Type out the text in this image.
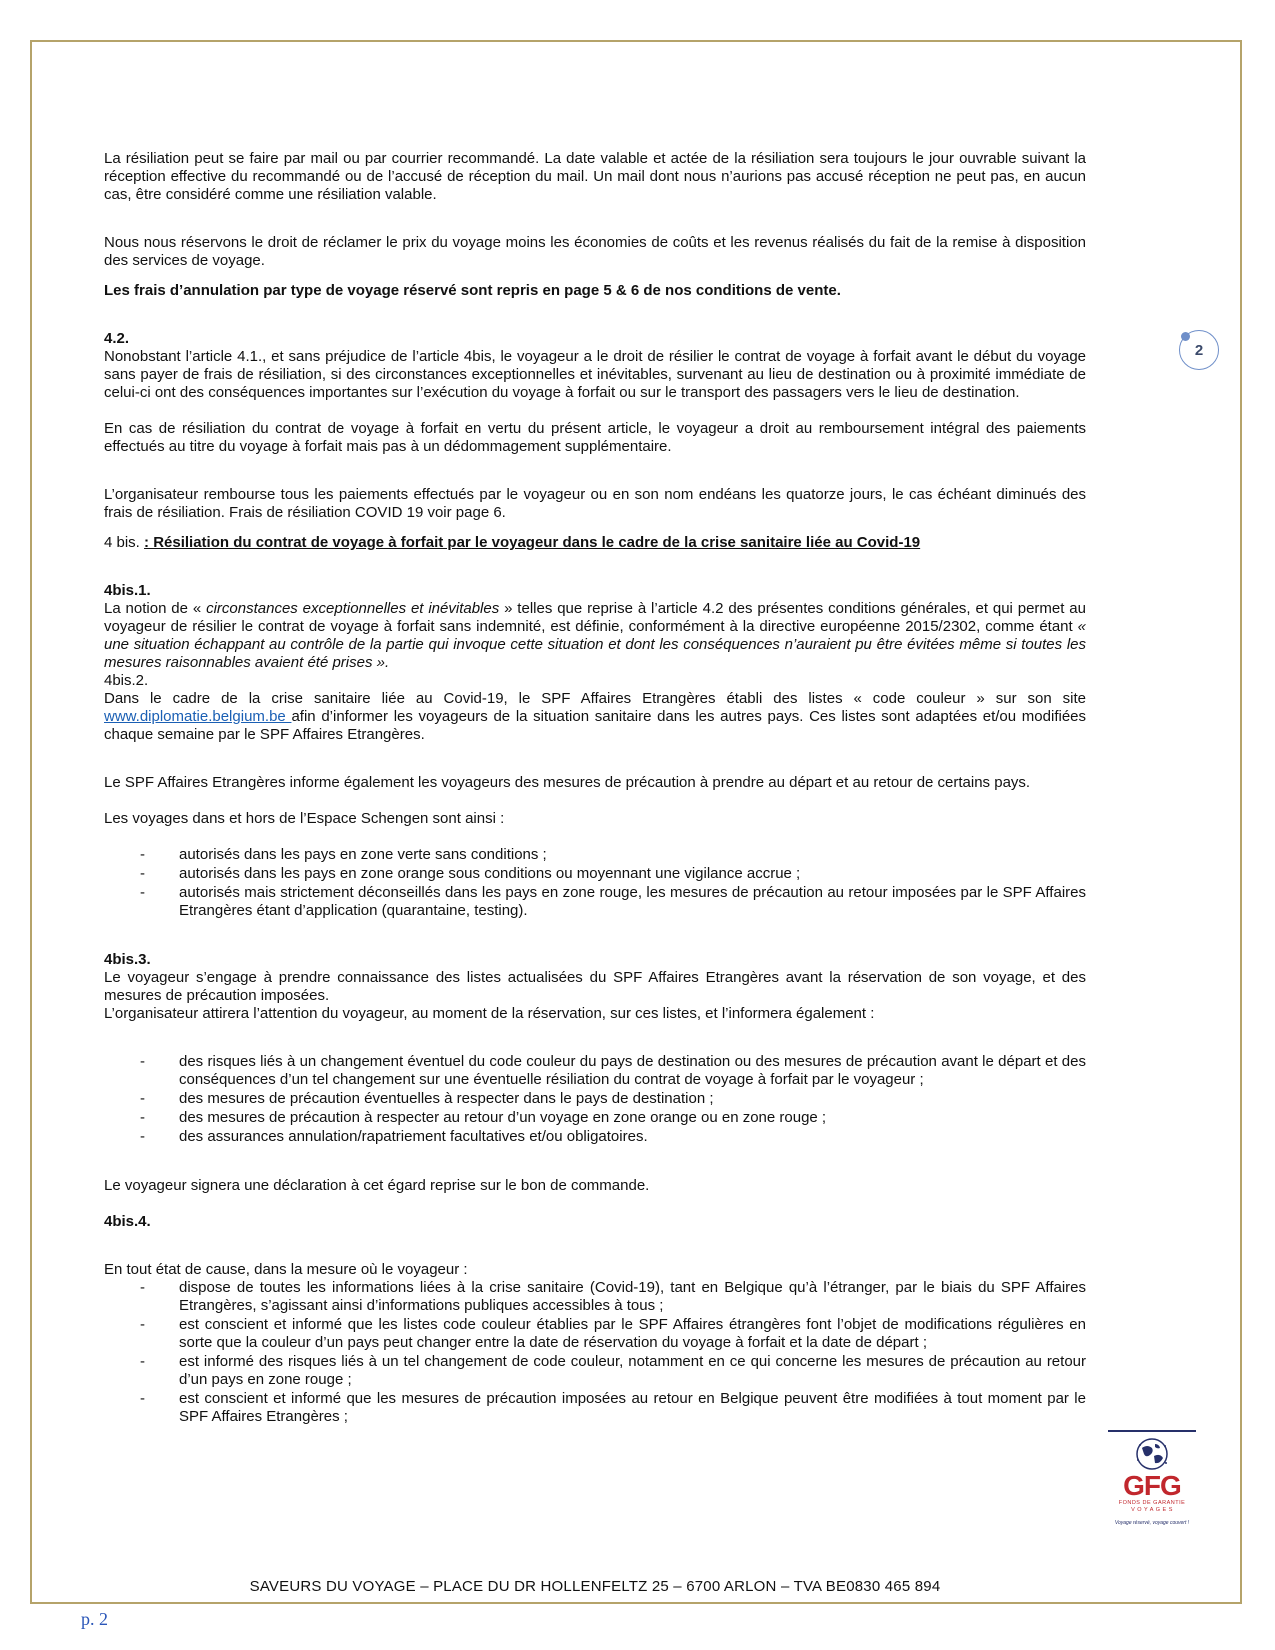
2

La résiliation peut se faire par mail ou par courrier recommandé. La date valable et actée de la résiliation sera toujours le jour ouvrable suivant la réception effective du recommandé ou de l’accusé de réception du mail. Un mail dont nous n’aurions pas accusé réception ne peut pas, en aucun cas, être considéré comme une résiliation valable.

Nous nous réservons le droit de réclamer le prix du voyage moins les économies de coûts et les revenus réalisés du fait de la remise à disposition des services de voyage.

Les frais d’annulation par type de voyage réservé sont repris en page 5 & 6 de nos conditions de vente.

4.2.

Nonobstant l’article 4.1., et sans préjudice de l’article 4bis, le voyageur a le droit de résilier le contrat de voyage à forfait avant le début du voyage sans payer de frais de résiliation, si des circonstances exceptionnelles et inévitables, survenant au lieu de destination ou à proximité immédiate de celui-ci ont des conséquences importantes sur l’exécution du voyage à forfait ou sur le transport des passagers vers le lieu de destination.

En cas de résiliation du contrat de voyage à forfait en vertu du présent article, le voyageur a droit au remboursement intégral des paiements effectués au titre du voyage à forfait mais pas à un dédommagement supplémentaire.

L’organisateur rembourse tous les paiements effectués par le voyageur ou en son nom endéans les quatorze jours, le cas échéant diminués des frais de résiliation. Frais de résiliation COVID 19 voir page 6.

4 bis. : Résiliation du contrat de voyage à forfait par le voyageur dans le cadre de la crise sanitaire liée au Covid-19

4bis.1.

La notion de « circonstances exceptionnelles et inévitables » telles que reprise à l’article 4.2 des présentes conditions générales, et qui permet au voyageur de résilier le contrat de voyage à forfait sans indemnité, est définie, conformément à la directive européenne 2015/2302, comme étant « une situation échappant au contrôle de la partie qui invoque cette situation et dont les conséquences n’auraient pu être évitées même si toutes les mesures raisonnables avaient été prises ».

4bis.2.

Dans le cadre de la crise sanitaire liée au Covid-19, le SPF Affaires Etrangères établi des listes « code couleur » sur son site www.diplomatie.belgium.be afin d’informer les voyageurs de la situation sanitaire dans les autres pays. Ces listes sont adaptées et/ou modifiées chaque semaine par le SPF Affaires Etrangères.

Le SPF Affaires Etrangères informe également les voyageurs des mesures de précaution à prendre au départ et au retour de certains pays.

Les voyages dans et hors de l’Espace Schengen sont ainsi :

- autorisés dans les pays en zone verte sans conditions ;
- autorisés dans les pays en zone orange sous conditions ou moyennant une vigilance accrue ;
- autorisés mais strictement déconseillés dans les pays en zone rouge, les mesures de précaution au retour imposées par le SPF Affaires Etrangères étant d’application (quarantaine, testing).

4bis.3.

Le voyageur s’engage à prendre connaissance des listes actualisées du SPF Affaires Etrangères avant la réservation de son voyage, et des mesures de précaution imposées.

L’organisateur attirera l’attention du voyageur, au moment de la réservation, sur ces listes, et l’informera également :

- des risques liés à un changement éventuel du code couleur du pays de destination ou des mesures de précaution avant le départ et des conséquences d’un tel changement sur une éventuelle résiliation du contrat de voyage à forfait par le voyageur ;
- des mesures de précaution éventuelles à respecter dans le pays de destination ;
- des mesures de précaution à respecter au retour d’un voyage en zone orange ou en zone rouge ;
- des assurances annulation/rapatriement facultatives et/ou obligatoires.

Le voyageur signera une déclaration à cet égard reprise sur le bon de commande.

4bis.4.

En tout état de cause, dans la mesure où le voyageur :

- dispose de toutes les informations liées à la crise sanitaire (Covid-19), tant en Belgique qu’à l’étranger, par le biais du SPF Affaires Etrangères, s’agissant ainsi d’informations publiques accessibles à tous ;
- est conscient et informé que les listes code couleur établies par le SPF Affaires étrangères font l’objet de modifications régulières en sorte que la couleur d’un pays peut changer entre la date de réservation du voyage à forfait et la date de départ ;
- est informé des risques liés à un tel changement de code couleur, notamment en ce qui concerne les mesures de précaution au retour d’un pays en zone rouge ;
- est conscient et informé que les mesures de précaution imposées au retour en Belgique peuvent être modifiées à tout moment par le SPF Affaires Etrangères ;
GFG
FONDS DE GARANTIE
V O Y A G E S
Voyage réservé, voyage couvert !
SAVEURS DU VOYAGE – PLACE DU DR HOLLENFELTZ 25 – 6700 ARLON – TVA BE0830 465 894
p. 2
